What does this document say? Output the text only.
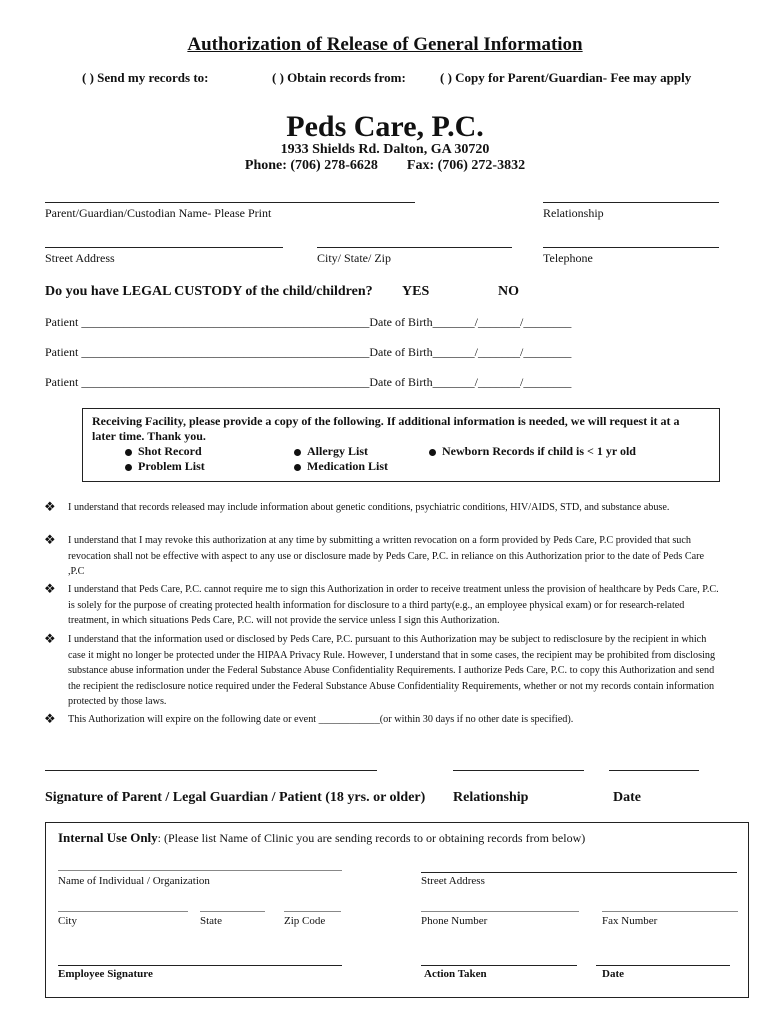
Authorization of Release of General Information
( ) Send my records to:	( ) Obtain records from:	( ) Copy for Parent/Guardian- Fee may apply
Peds Care, P.C.
1933 Shields Rd. Dalton, GA 30720
Phone: (706) 278-6628 Fax: (706) 272-3832
Parent/Guardian/Custodian Name- Please Print	Relationship
Street Address	City/ State/ Zip	Telephone
Do you have LEGAL CUSTODY of the child/children? YES	NO
Patient ________________________________________________Date of Birth_______/_______/________
Patient ________________________________________________Date of Birth_______/_______/________
Patient ________________________________________________Date of Birth_______/_______/________
Receiving Facility, please provide a copy of the following. If additional information is needed, we will request it at a
later time. Thank you.
Shot Record	Allergy List	Newborn Records if child is < 1 yr old
Problem List	Medication List
❖ I understand that records released may include information about genetic conditions, psychiatric conditions, HIV/AIDS, STD, and substance abuse.
❖ I understand that I may revoke this authorization at any time by submitting a written revocation on a form provided by Peds Care, P.C provided that such revocation shall not be effective with aspect to any use or disclosure made by Peds Care, P.C. in reliance on this Authorization prior to the date of Peds Care ,P.C
❖ I understand that Peds Care, P.C. cannot require me to sign this Authorization in order to receive treatment unless the provision of healthcare by Peds Care, P.C. is solely for the purpose of creating protected health information for disclosure to a third party(e.g., an employee physical exam) or for research-related treatment, in which situations Peds Care, P.C. will not provide the service unless I sign this Authorization.
❖ I understand that the information used or disclosed by Peds Care, P.C. pursuant to this Authorization may be subject to redisclosure by the recipient in which case it might no longer be protected under the HIPAA Privacy Rule. However, I understand that in some cases, the recipient may be prohibited from disclosing substance abuse information under the Federal Substance Abuse Confidentiality Requirements. I authorize Peds Care, P.C. to copy this Authorization and send the recipient the redisclosure notice required under the Federal Substance Abuse Confidentiality Requirements, whether or not my records contain information protected by those laws.
❖ This Authorization will expire on the following date or event ____________(or within 30 days if no other date is specified).
Signature of Parent / Legal Guardian / Patient (18 yrs. or older) Relationship	Date
Internal Use Only: (Please list Name of Clinic you are sending records to or obtaining records from below)
Name of Individual / Organization	Street Address
City	State	Zip Code	Phone Number	Fax Number
Employee Signature	Action Taken	Date
